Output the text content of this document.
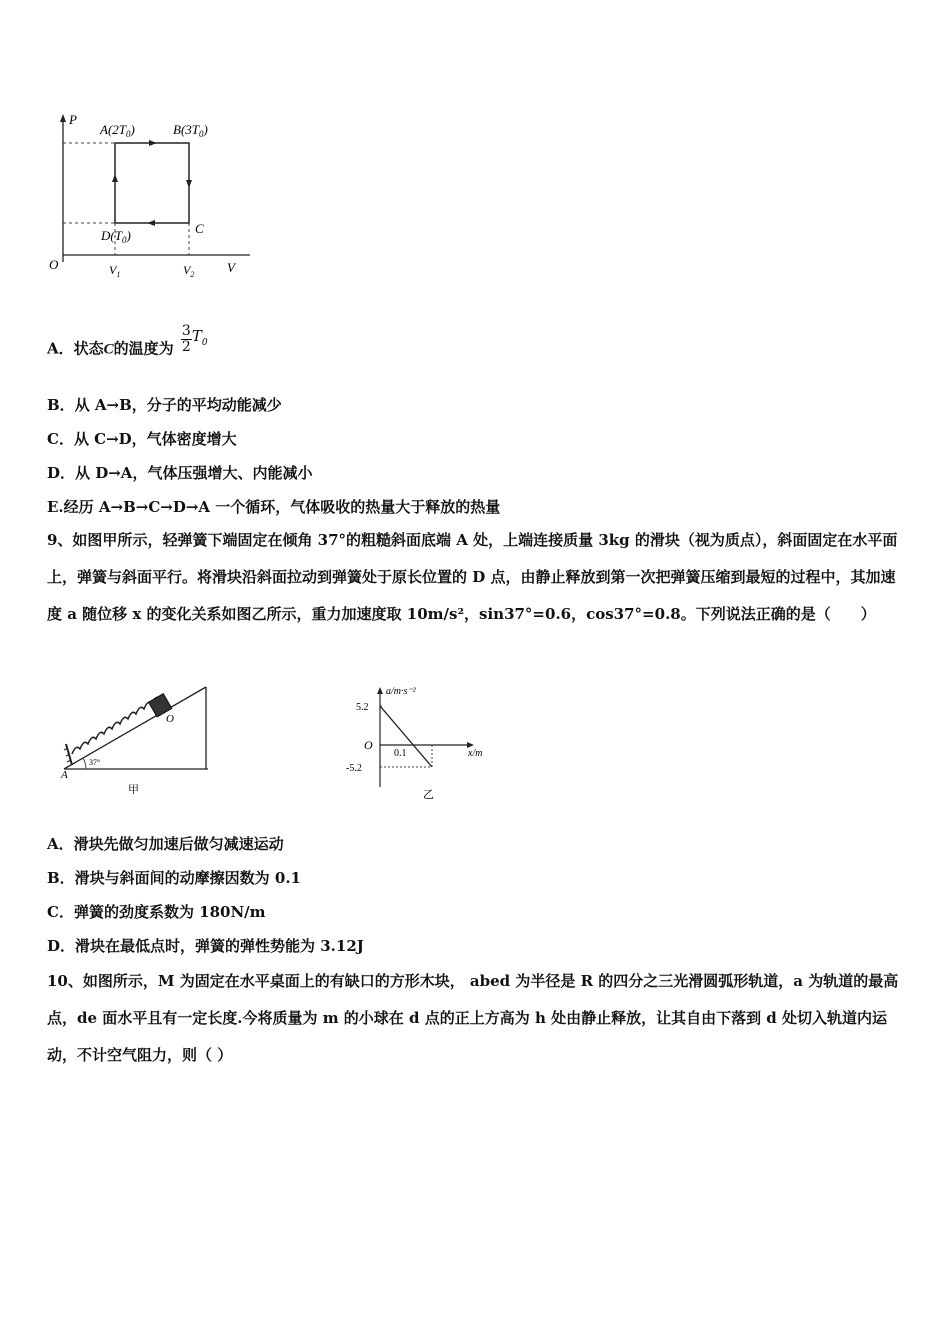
P
V
O
$A(2T_0)$	$B(3T_0)$
C
$D(T_0)$
$V_1$	$V_2$
A．状态C的温度为 $\frac{3}{2} T_0$
B．从 A→B，分子的平均动能减少
C．从 C→D，气体密度增大
D．从 D→A，气体压强增大、内能减小
E.经历 A→B→C→D→A 一个循环，气体吸收的热量大于释放的热量
9、如图甲所示，轻弹簧下端固定在倾角 37°的粗糙斜面底端 A 处，上端连接质量 3kg 的滑块（视为质点），斜面固定在水平面上，弹簧与斜面平行。将滑块沿斜面拉动到弹簧处于原长位置的 D 点，由静止释放到第一次把弹簧压缩到最短的过程中，其加速度 a 随位移 x 的变化关系如图乙所示，重力加速度取 10m/s²，sin37°=0.6，cos37°=0.8。下列说法正确的是（　　）
37°
A
O
甲
a/m·s⁻²
x/m
O
5.2
-5.2
0.1
乙
A．滑块先做匀加速后做匀减速运动
B．滑块与斜面间的动摩擦因数为 0.1
C．弹簧的劲度系数为 180N/m
D．滑块在最低点时，弹簧的弹性势能为 3.12J
10、如图所示，M 为固定在水平桌面上的有缺口的方形木块， abed 为半径是 R 的四分之三光滑圆弧形轨道，a 为轨道的最高点，de 面水平且有一定长度.今将质量为 m 的小球在 d 点的正上方高为 h 处由静止释放，让其自由下落到 d 处切入轨道内运动，不计空气阻力，则（ ）
